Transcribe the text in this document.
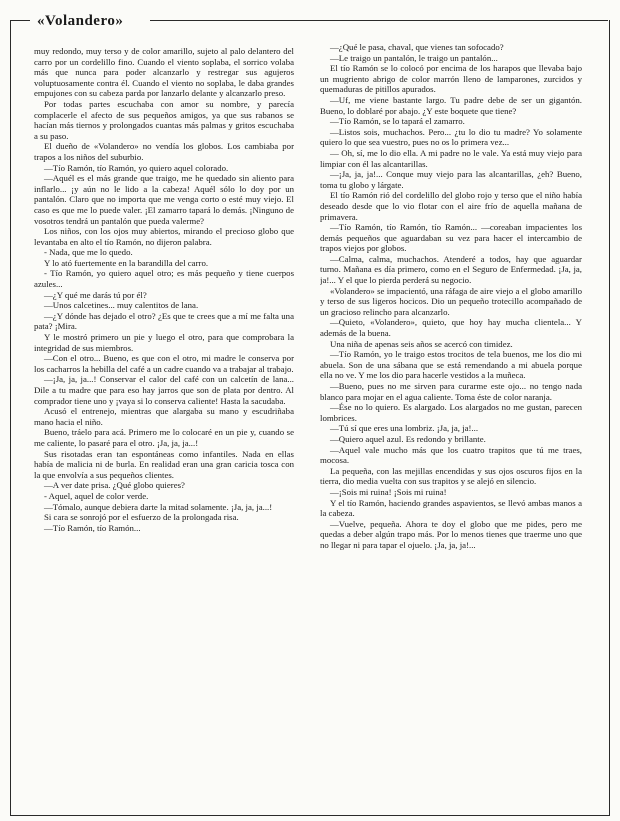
«Volandero»

muy redondo, muy terso y de color amarillo, sujeto al palo delantero del carro por un cordelillo fino. Cuando el viento soplaba, el sorrico volaba más que nunca para poder alcanzarlo y restregar sus agujeros voluptuosamente contra él. Cuando el viento no soplaba, le daba grandes empujones con su cabeza parda por lanzarlo delante y alcanzarlo preso.

Por todas partes escuchaba con amor su nombre, y parecía complacerle el afecto de sus pequeños amigos, ya que sus rabanos se hacían más tiernos y prolongados cuantas más palmas y gritos escuchaba a su paso.

El dueño de «Volandero» no vendía los globos. Los cambiaba por trapos a los niños del suburbio.

—Tío Ramón, tío Ramón, yo quiero aquel colorado.

—Aquél es el más grande que traigo, me he quedado sin aliento para inflarlo... ¡y aún no le lido a la cabeza! Aquél sólo lo doy por un pantalón. Claro que no importa que me venga corto o esté muy viejo. El caso es que me lo puede valer. ¡El zamarro tapará lo demás. ¡Ninguno de vosotros tendrá un pantalón que pueda valerme?

Los niños, con los ojos muy abiertos, mirando el precioso globo que levantaba en alto el tío Ramón, no dijeron palabra.

- Nada, que me lo quedo.

Y lo ató fuertemente en la barandilla del carro.

- Tío Ramón, yo quiero aquel otro; es más pequeño y tiene cuerpos azules...

—¿Y qué me darás tú por él?

—Unos calcetines... muy calentitos de lana.

—¿Y dónde has dejado el otro? ¿Es que te crees que a mí me falta una pata? ¡Mira.

Y le mostró primero un pie y luego el otro, para que comprobara la integridad de sus miembros.

—Con el otro... Bueno, es que con el otro, mi madre le conserva por los cacharros la hebilla del café a un cadre cuando va a trabajar al trabajo.

—¡Ja, ja, ja...! Conservar el calor del café con un calcetín de lana... Dile a tu madre que para eso hay jarros que son de plata por dentro. Al comprador tiene uno y ¡vaya si lo conserva caliente! Hasta la sacudaba.

Acusó el entrenejo, mientras que alargaba su mano y escudriñaba mano hacia el niño.

Bueno, tráelo para acá. Primero me lo colocaré en un pie y, cuando se me caliente, lo pasaré para el otro. ¡Ja, ja, ja...!

Sus risotadas eran tan espontáneas como infantiles. Nada en ellas había de malicia ni de burla. En realidad eran una gran caricia tosca con la que envolvía a sus pequeños clientes.

—A ver date prisa. ¿Qué globo quieres?

- Aquel, aquel de color verde.

—Tómalo, aunque debiera darte la mitad solamente. ¡Ja, ja, ja...!

Si cara se sonrojó por el esfuerzo de la prolongada risa.

—Tío Ramón, tío Ramón...

—¿Qué le pasa, chaval, que vienes tan sofocado?

—Le traigo un pantalón, le traigo un pantalón...

El tío Ramón se lo colocó por encima de los harapos que llevaba bajo un mugriento abrigo de color marrón lleno de lamparones, zurcidos y quemaduras de pitillos apurados.

—Uf, me viene bastante largo. Tu padre debe de ser un gigantón. Bueno, lo doblaré por abajo. ¿Y este boquete que tiene?

—Tío Ramón, se lo tapará el zamarro.

—Listos sois, muchachos. Pero... ¿tu lo dio tu madre? Yo solamente quiero lo que sea vuestro, pues no os lo primera vez...

— Oh, sí, me lo dio ella. A mi padre no le vale. Ya está muy viejo para limpiar con él las alcantarillas.

—¡Ja, ja, ja!... Conque muy viejo para las alcantarillas, ¿eh? Bueno, toma tu globo y lárgate.

El tío Ramón rió del cordelillo del globo rojo y terso que el niño había deseado desde que lo vio flotar con el aire frío de aquella mañana de primavera.

—Tío Ramón, tío Ramón, tío Ramón... —coreaban impacientes los demás pequeños que aguardaban su vez para hacer el intercambio de trapos viejos por globos.

—Calma, calma, muchachos. Atenderé a todos, hay que aguardar turno. Mañana es día primero, como en el Seguro de Enfermedad. ¡Ja, ja, ja!... Y el que lo pierda perderá su negocio.

«Volandero» se impacientó, una ráfaga de aire viejo a el globo amarillo y terso de sus ligeros hocicos. Dio un pequeño trotecillo acompañado de un gracioso relincho para alcanzarlo.

—Quieto, «Volandero», quieto, que hoy hay mucha clientela... Y además de la buena.

Una niña de apenas seis años se acercó con timidez.

—Tío Ramón, yo le traigo estos trocitos de tela buenos, me los dio mi abuela. Son de una sábana que se está remendando a mi abuela porque ella no ve. Y me los dio para hacerle vestidos a la muñeca.

—Bueno, pues no me sirven para curarme este ojo... no tengo nada blanco para mojar en el agua caliente. Toma éste de color naranja.

—Ése no lo quiero. Es alargado. Los alargados no me gustan, parecen lombrices.

—Tú sí que eres una lombriz. ¡Ja, ja, ja!...

—Quiero aquel azul. Es redondo y brillante.

—Aquel vale mucho más que los cuatro trapitos que tú me traes, mocosa.

La pequeña, con las mejillas encendidas y sus ojos oscuros fijos en la tierra, dio media vuelta con sus trapitos y se alejó en silencio.

—¡Sois mi ruina! ¡Sois mi ruina!

Y el tío Ramón, haciendo grandes aspavientos, se llevó ambas manos a la cabeza.

—Vuelve, pequeña. Ahora te doy el globo que me pides, pero me quedas a deber algún trapo más. Por lo menos tienes que traerme uno que no llegar ni para tapar el ojuelo. ¡Ja, ja, ja!...
